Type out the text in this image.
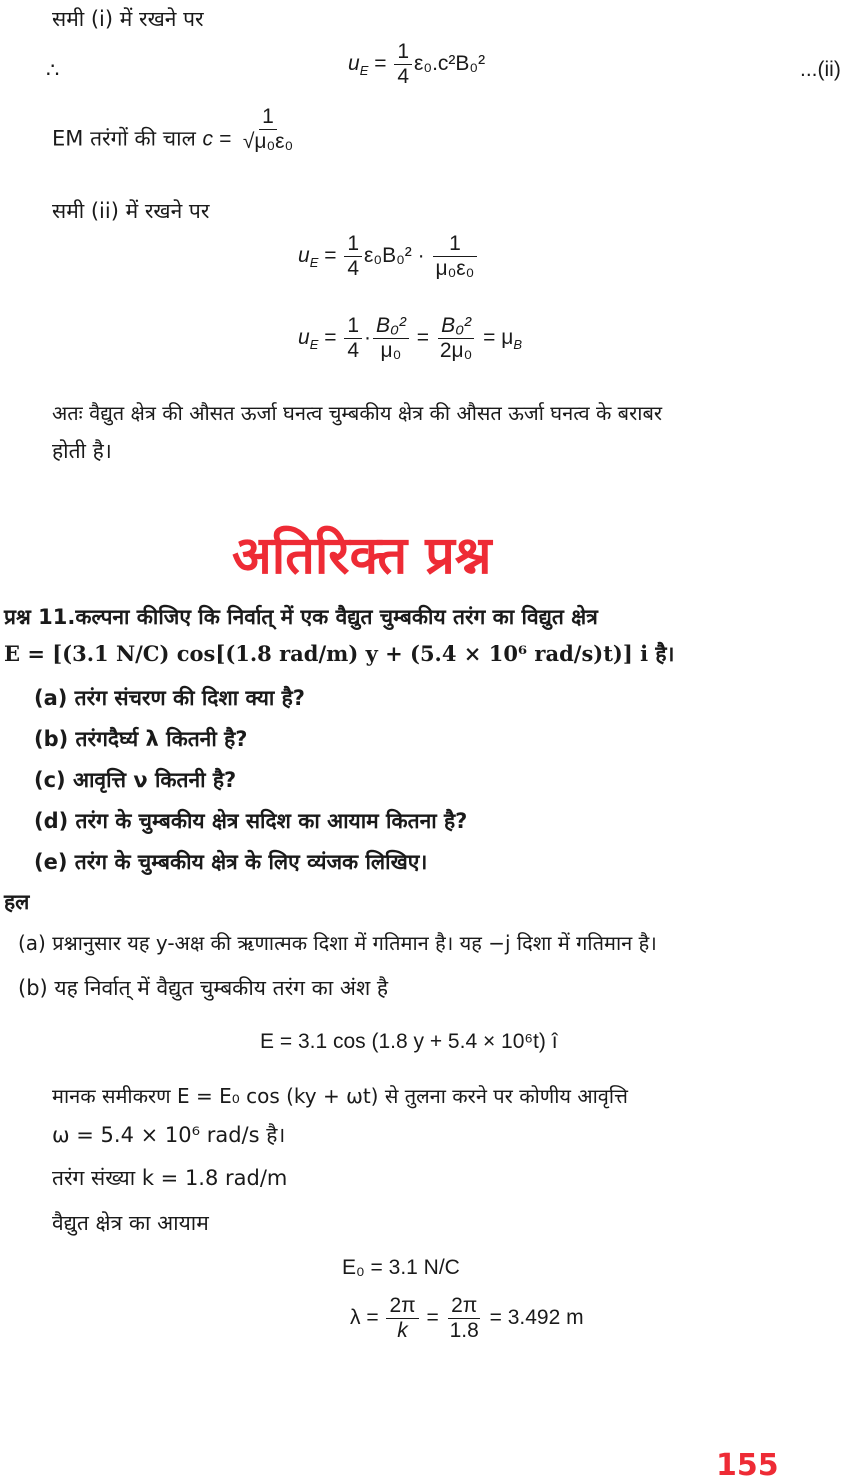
समी (i) में रखने पर
∴	$u_E = \frac{1}{4} \varepsilon_0.c^2B_0^2$	...(ii)
EM तरंगों की चाल $c = \frac{1}{\text{√μ₀ε₀}}$
समी (ii) में रखने पर
$u_E = \frac{1}{4} \varepsilon_0B_0^2 \cdot \frac{1}{\text{μ₀ε₀}}$
$u_E = \frac{1}{4} \cdot \frac{\text{B₀²}}{\text{μ₀}} = \frac{\text{B₀²}}{\text{2μ₀}} = \mu_B$
अतः वैद्युत क्षेत्र की औसत ऊर्जा घनत्व चुम्बकीय क्षेत्र की औसत ऊर्जा घनत्व के बराबर
होती है।
अतिरिक्त प्रश्न
प्रश्न 11.कल्पना कीजिए कि निर्वात् में एक वैद्युत चुम्बकीय तरंग का विद्युत क्षेत्र
E = [(3.1 N/C) cos[(1.8 rad/m) y + (5.4 × 10⁶ rad/s)t)] i है।
(a) तरंग संचरण की दिशा क्या है?
(b) तरंगदैर्घ्य λ कितनी है?
(c) आवृत्ति ν कितनी है?
(d) तरंग के चुम्बकीय क्षेत्र सदिश का आयाम कितना है?
(e) तरंग के चुम्बकीय क्षेत्र के लिए व्यंजक लिखिए।
हल
(a) प्रश्नानुसार यह y-अक्ष की ऋणात्मक दिशा में गतिमान है। यह −j दिशा में गतिमान है।
(b) यह निर्वात् में वैद्युत चुम्बकीय तरंग का अंश है
E = 3.1 cos (1.8 y + 5.4 × 10⁶t) î
मानक समीकरण E = E₀ cos (ky + ωt) से तुलना करने पर कोणीय आवृत्ति
ω = 5.4 × 10⁶ rad/s है।
तरंग संख्या k = 1.8 rad/m
वैद्युत क्षेत्र का आयाम
E₀ = 3.1 N/C
$\lambda = \frac{2\pi}{k} = \frac{2\pi}{1.8} = 3.492$ m
155
